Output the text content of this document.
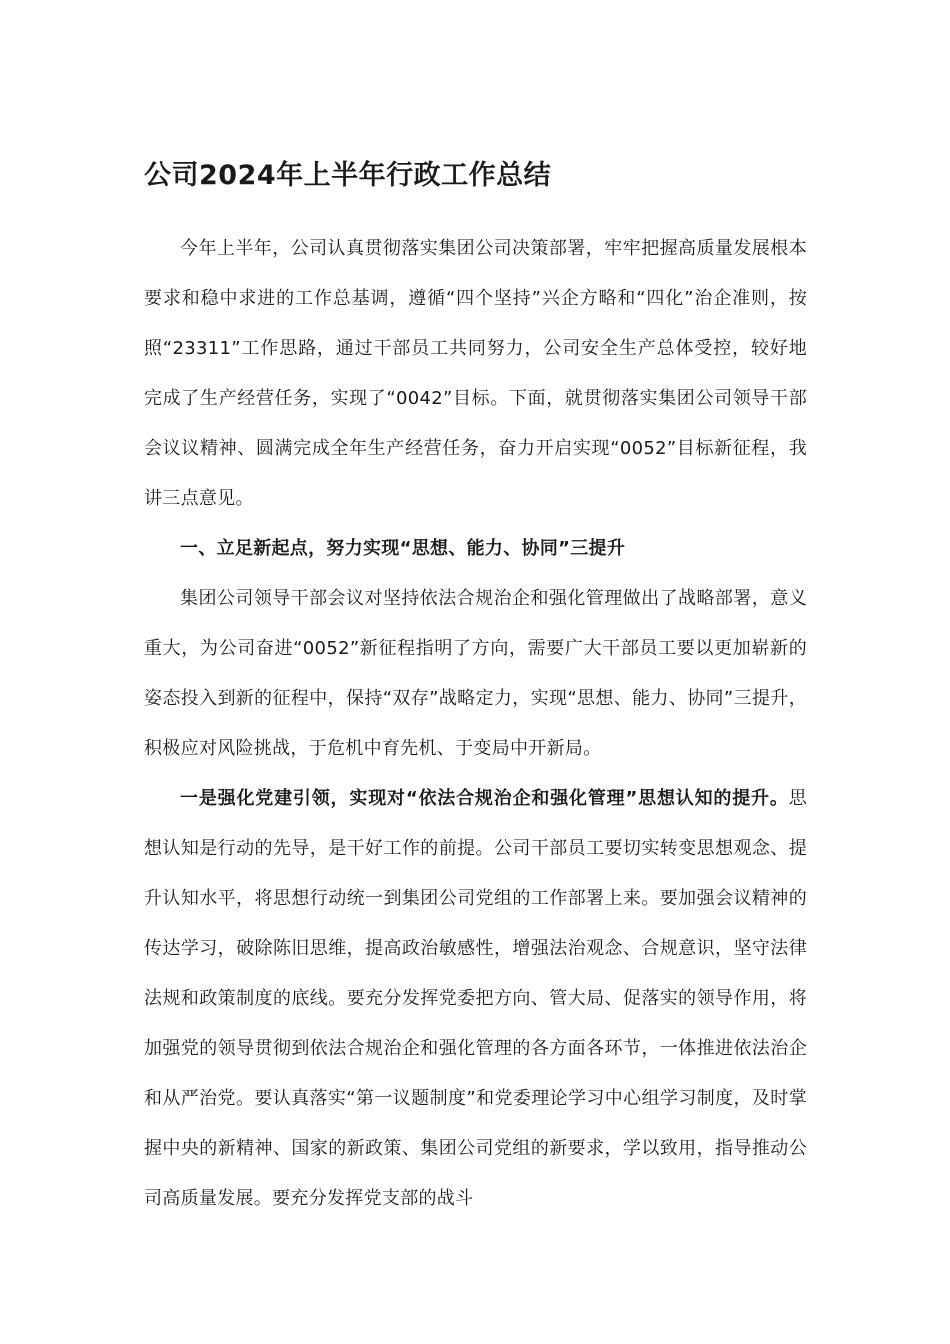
公司2024年上半年行政工作总结

今年上半年，公司认真贯彻落实集团公司决策部署，牢牢把握高质量发展根本要求和稳中求进的工作总基调，遵循“四个坚持”兴企方略和“四化”治企准则，按照“23311”工作思路，通过干部员工共同努力，公司安全生产总体受控，较好地完成了生产经营任务，实现了“0042”目标。下面，就贯彻落实集团公司领导干部会议议精神、圆满完成全年生产经营任务，奋力开启实现“0052”目标新征程，我讲三点意见。

一、立足新起点，努力实现“思想、能力、协同”三提升

集团公司领导干部会议对坚持依法合规治企和强化管理做出了战略部署，意义重大，为公司奋进“0052”新征程指明了方向，需要广大干部员工要以更加崭新的姿态投入到新的征程中，保持“双存”战略定力，实现“思想、能力、协同”三提升，积极应对风险挑战，于危机中育先机、于变局中开新局。

一是强化党建引领，实现对“依法合规治企和强化管理”思想认知的提升。思想认知是行动的先导，是干好工作的前提。公司干部员工要切实转变思想观念、提升认知水平，将思想行动统一到集团公司党组的工作部署上来。要加强会议精神的传达学习，破除陈旧思维，提高政治敏感性，增强法治观念、合规意识，坚守法律法规和政策制度的底线。要充分发挥党委把方向、管大局、促落实的领导作用，将加强党的领导贯彻到依法合规治企和强化管理的各方面各环节，一体推进依法治企和从严治党。要认真落实“第一议题制度”和党委理论学习中心组学习制度，及时掌握中央的新精神、国家的新政策、集团公司党组的新要求，学以致用，指导推动公司高质量发展。要充分发挥党支部的战斗
